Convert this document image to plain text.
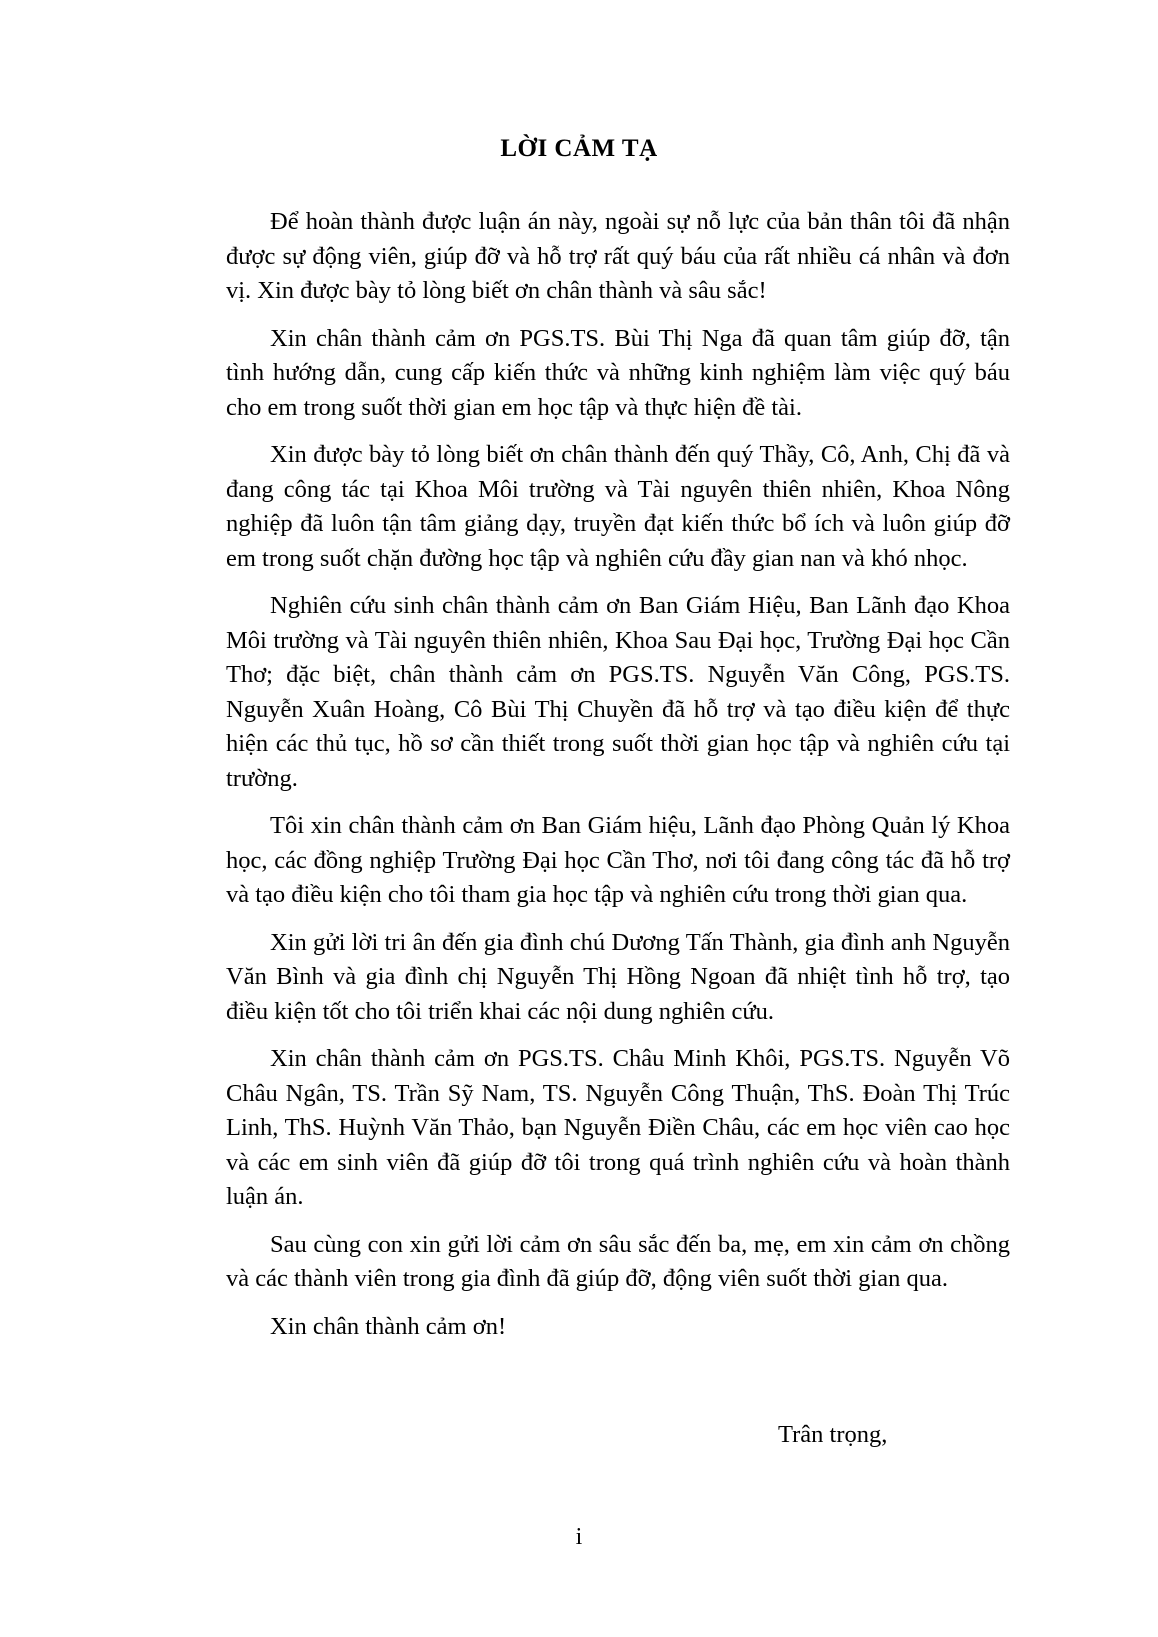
LỜI CẢM TẠ

Để hoàn thành được luận án này, ngoài sự nỗ lực của bản thân tôi đã nhận được sự động viên, giúp đỡ và hỗ trợ rất quý báu của rất nhiều cá nhân và đơn vị. Xin được bày tỏ lòng biết ơn chân thành và sâu sắc!

Xin chân thành cảm ơn PGS.TS. Bùi Thị Nga đã quan tâm giúp đỡ, tận tình hướng dẫn, cung cấp kiến thức và những kinh nghiệm làm việc quý báu cho em trong suốt thời gian em học tập và thực hiện đề tài.

Xin được bày tỏ lòng biết ơn chân thành đến quý Thầy, Cô, Anh, Chị đã và đang công tác tại Khoa Môi trường và Tài nguyên thiên nhiên, Khoa Nông nghiệp đã luôn tận tâm giảng dạy, truyền đạt kiến thức bổ ích và luôn giúp đỡ em trong suốt chặn đường học tập và nghiên cứu đầy gian nan và khó nhọc.

Nghiên cứu sinh chân thành cảm ơn Ban Giám Hiệu, Ban Lãnh đạo Khoa Môi trường và Tài nguyên thiên nhiên, Khoa Sau Đại học, Trường Đại học Cần Thơ; đặc biệt, chân thành cảm ơn PGS.TS. Nguyễn Văn Công, PGS.TS. Nguyễn Xuân Hoàng, Cô Bùi Thị Chuyền đã hỗ trợ và tạo điều kiện để thực hiện các thủ tục, hồ sơ cần thiết trong suốt thời gian học tập và nghiên cứu tại trường.

Tôi xin chân thành cảm ơn Ban Giám hiệu, Lãnh đạo Phòng Quản lý Khoa học, các đồng nghiệp Trường Đại học Cần Thơ, nơi tôi đang công tác đã hỗ trợ và tạo điều kiện cho tôi tham gia học tập và nghiên cứu trong thời gian qua.

Xin gửi lời tri ân đến gia đình chú Dương Tấn Thành, gia đình anh Nguyễn Văn Bình và gia đình chị Nguyễn Thị Hồng Ngoan đã nhiệt tình hỗ trợ, tạo điều kiện tốt cho tôi triển khai các nội dung nghiên cứu.

Xin chân thành cảm ơn PGS.TS. Châu Minh Khôi, PGS.TS. Nguyễn Võ Châu Ngân, TS. Trần Sỹ Nam, TS. Nguyễn Công Thuận, ThS. Đoàn Thị Trúc Linh, ThS. Huỳnh Văn Thảo, bạn Nguyễn Điền Châu, các em học viên cao học và các em sinh viên đã giúp đỡ tôi trong quá trình nghiên cứu và hoàn thành luận án.

Sau cùng con xin gửi lời cảm ơn sâu sắc đến ba, mẹ, em xin cảm ơn chồng và các thành viên trong gia đình đã giúp đỡ, động viên suốt thời gian qua.

Xin chân thành cảm ơn!

Trân trọng,
i
